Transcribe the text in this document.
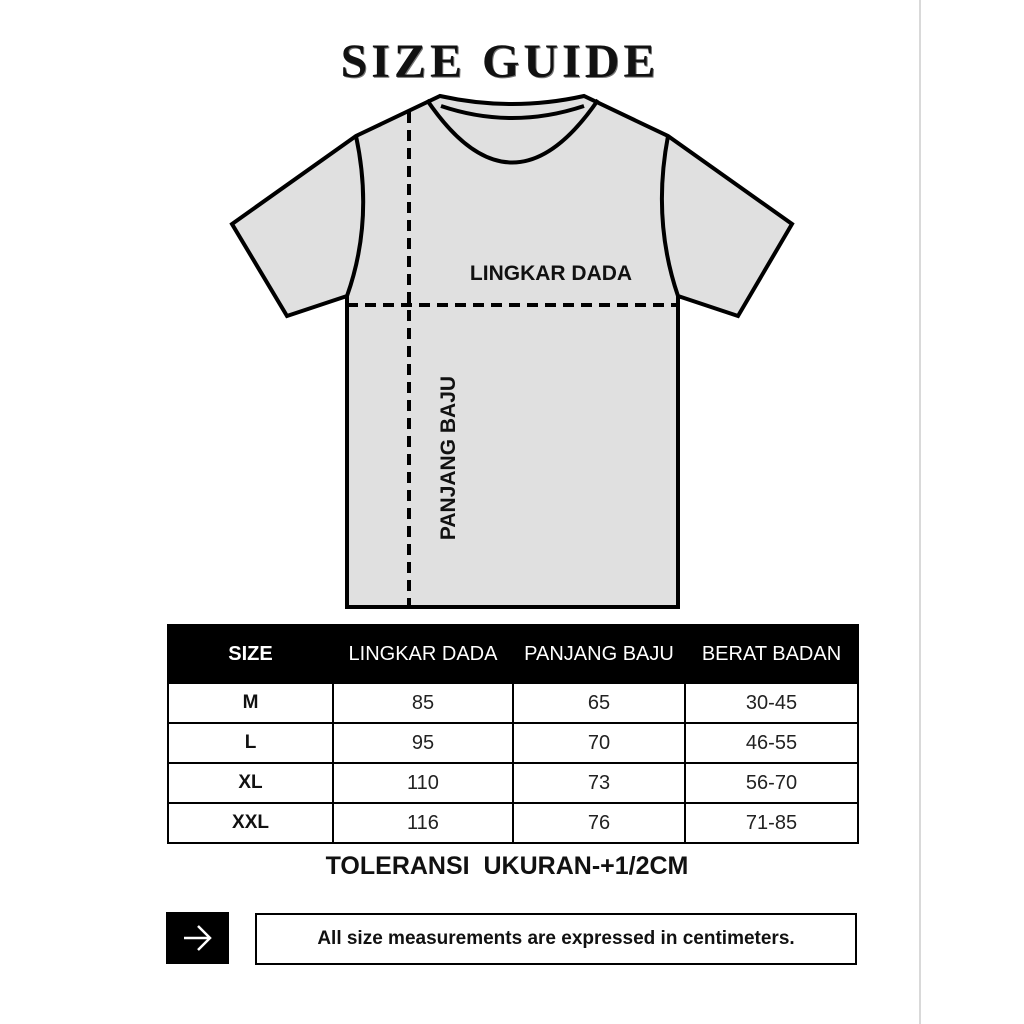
SIZE GUIDE
LINGKAR DADA
PANJANG BAJU
SIZE	LINGKAR DADA	PANJANG BAJU	BERAT BADAN
M	85	65	30-45
L	95	70	46-55
XL	110	73	56-70
XXL	116	76	71-85
TOLERANSI  UKURAN-+1/2CM
All size measurements are expressed in centimeters.
